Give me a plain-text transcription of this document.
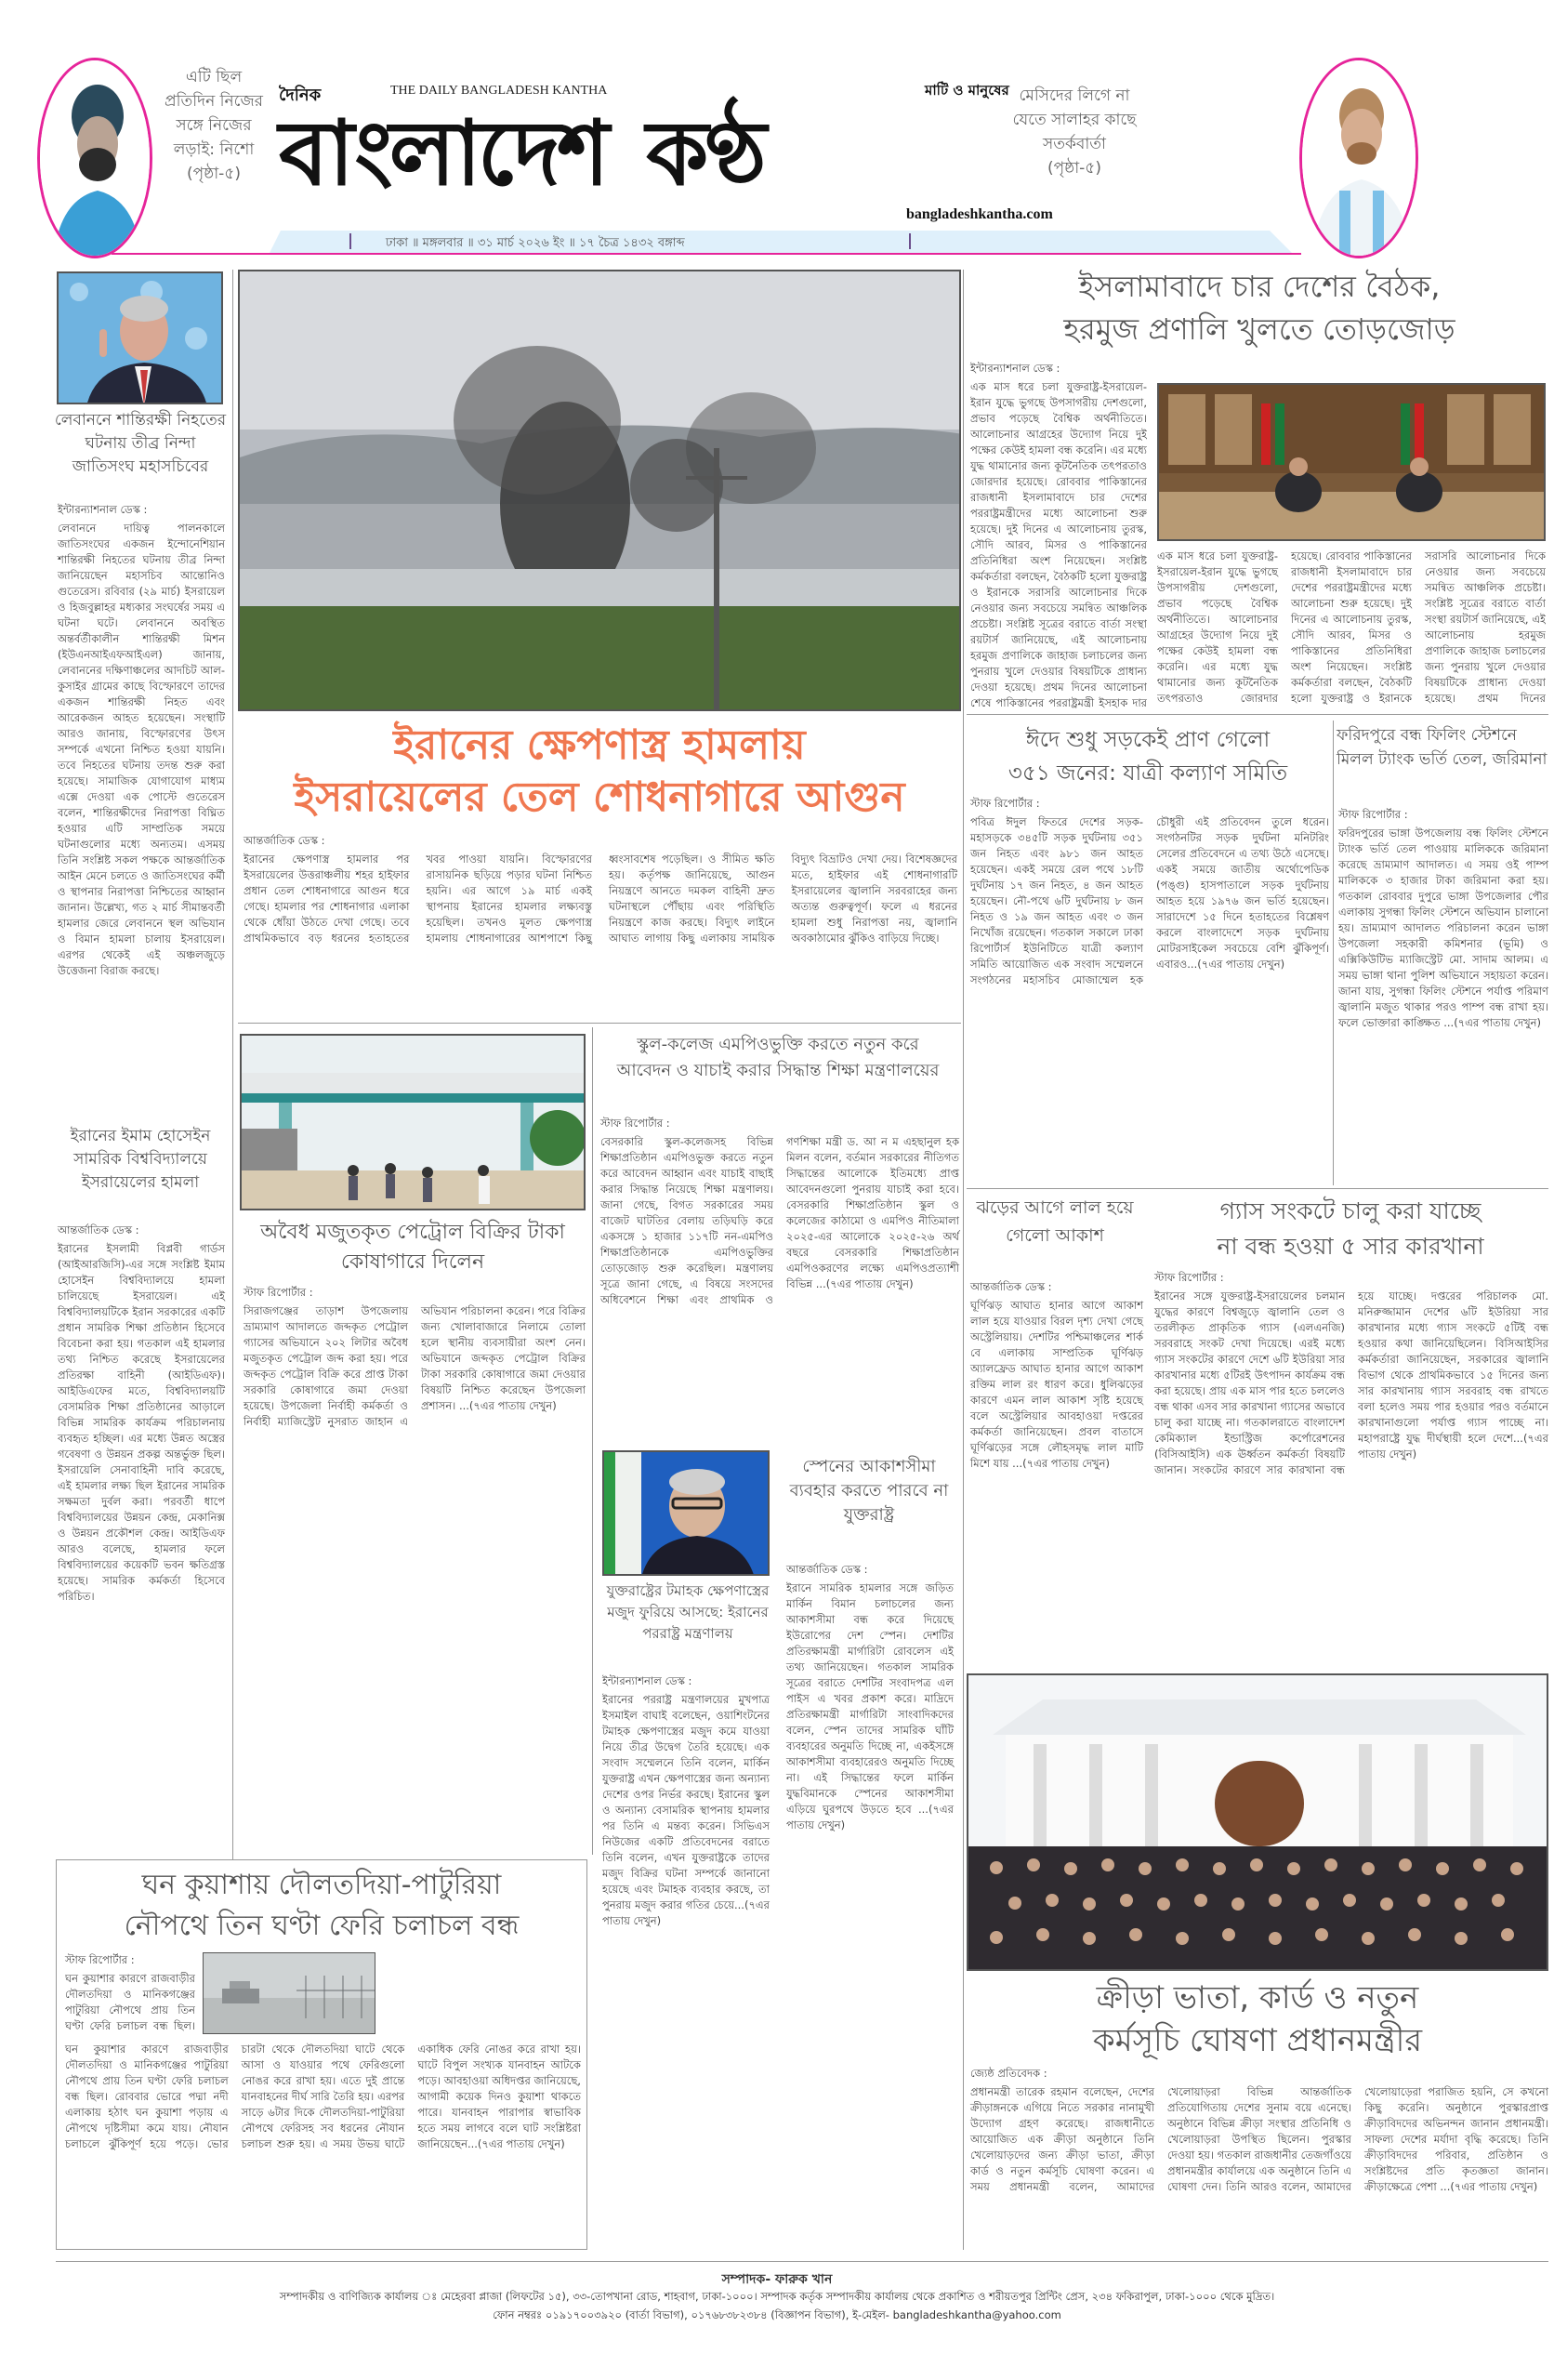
এটি ছিল প্রতিদিন নিজের সঙ্গে নিজের লড়াই: নিশো
(পৃষ্ঠা-৫)
দৈনিক	THE DAILY BANGLADESH KANTHA	মাটি ও মানুষের
বাংলাদেশ কণ্ঠ
bangladeshkantha.com
ঢাকা ॥ মঙ্গলবার ॥ ৩১ মার্চ ২০২৬ ইং ॥ ১৭ চৈত্র ১৪৩২ বঙ্গাব্দ
মেসিদের লিগে না যেতে সালাহর কাছে সতর্কবার্তা
(পৃষ্ঠা-৫)
লেবাননে শান্তিরক্ষী নিহতের ঘটনায় তীব্র নিন্দা জাতিসংঘ মহাসচিবের
ইন্টারন্যাশনাল ডেস্ক :
লেবাননে দায়িত্ব পালনকালে জাতিসংঘের একজন ইন্দোনেশিয়ান শান্তিরক্ষী নিহতের ঘটনায় তীব্র নিন্দা জানিয়েছেন মহাসচিব আন্তোনিও গুতেরেস। রবিবার (২৯ মার্চ) ইসরায়েল ও হিজবুল্লাহর মধ্যকার সংঘর্ষের সময় এ ঘটনা ঘটে। লেবাননে অবস্থিত অন্তর্বর্তীকালীন শান্তিরক্ষী মিশন (ইউএনআইএফআইএল) জানায়, লেবাননের দক্ষিণাঞ্চলের আদচিট আল-কুসাইর গ্রামের কাছে বিস্ফোরণে তাদের একজন শান্তিরক্ষী নিহত এবং আরেকজন আহত হয়েছেন। সংস্থাটি আরও জানায়, বিস্ফোরণের উৎস সম্পর্কে এখনো নিশ্চিত হওয়া যায়নি। তবে নিহতের ঘটনায় তদন্ত শুরু করা হয়েছে। সামাজিক যোগাযোগ মাধ্যম এক্সে দেওয়া এক পোস্টে গুতেরেস বলেন, শান্তিরক্ষীদের নিরাপত্তা বিঘ্নিত হওয়ার এটি সাম্প্রতিক সময়ে ঘটনাগুলোর মধ্যে অন্যতম। এসময় তিনি সংশ্লিষ্ট সকল পক্ষকে আন্তর্জাতিক আইন মেনে চলতে ও জাতিসংঘের কর্মী ও স্থাপনার নিরাপত্তা নিশ্চিতের আহ্বান জানান। উল্লেখ্য, গত ২ মার্চ সীমান্তবর্তী হামলার জেরে লেবাননে স্থল অভিযান ও বিমান হামলা চালায় ইসরায়েল। এরপর থেকেই এই অঞ্চলজুড়ে উত্তেজনা বিরাজ করছে।
ইরানের ইমাম হোসেইন সামরিক বিশ্ববিদ্যালয়ে ইসরায়েলের হামলা
আন্তর্জাতিক ডেস্ক :
ইরানের ইসলামী বিপ্লবী গার্ডস (আইআরজিসি)-এর সঙ্গে সংশ্লিষ্ট ইমাম হোসেইন বিশ্ববিদ্যালয়ে হামলা চালিয়েছে ইসরায়েল। এই বিশ্ববিদ্যালয়টিকে ইরান সরকারের একটি প্রধান সামরিক শিক্ষা প্রতিষ্ঠান হিসেবে বিবেচনা করা হয়। গতকাল এই হামলার তথ্য নিশ্চিত করেছে ইসরায়েলের প্রতিরক্ষা বাহিনী (আইডিএফ)। আইডিএফের মতে, বিশ্ববিদ্যালয়টি বেসামরিক শিক্ষা প্রতিষ্ঠানের আড়ালে বিভিন্ন সামরিক কার্যক্রম পরিচালনায় ব্যবহৃত হচ্ছিল। এর মধ্যে উন্নত অস্ত্রের গবেষণা ও উন্নয়ন প্রকল্প অন্তর্ভুক্ত ছিল। ইসরায়েলি সেনাবাহিনী দাবি করেছে, এই হামলার লক্ষ্য ছিল ইরানের সামরিক সক্ষমতা দুর্বল করা। পরবর্তী ধাপে বিশ্ববিদ্যালয়ের উন্নয়ন কেন্দ্র, মেকানিক্স ও উন্নয়ন প্রকৌশল কেন্দ্র। আইডিএফ আরও বলেছে, হামলার ফলে বিশ্ববিদ্যালয়ের কয়েকটি ভবন ক্ষতিগ্রস্ত হয়েছে। সামরিক কর্মকর্তা হিসেবে পরিচিত।
ইরানের ক্ষেপণাস্ত্র হামলায়
ইসরায়েলের তেল শোধনাগারে আগুন
আন্তর্জাতিক ডেস্ক :
ইরানের ক্ষেপণাস্ত্র হামলার পর ইসরায়েলের উত্তরাঞ্চলীয় শহর হাইফার প্রধান তেল শোধনাগারে আগুন ধরে গেছে। হামলার পর শোধনাগার এলাকা থেকে ধোঁয়া উঠতে দেখা গেছে। তবে প্রাথমিকভাবে বড় ধরনের হতাহতের খবর পাওয়া যায়নি। বিস্ফোরণের রাসায়নিক ছড়িয়ে পড়ার ঘটনা নিশ্চিত হয়নি। এর আগে ১৯ মার্চ একই স্থাপনায় ইরানের হামলার লক্ষ্যবস্তু হয়েছিল। তখনও মূলত ক্ষেপণাস্ত্র হামলায় শোধনাগারের আশপাশে কিছু ধ্বংসাবশেষ পড়েছিল। ও সীমিত ক্ষতি হয়। কর্তৃপক্ষ জানিয়েছে, আগুন নিয়ন্ত্রণে আনতে দমকল বাহিনী দ্রুত ঘটনাস্থলে পৌঁছায় এবং পরিস্থিতি নিয়ন্ত্রণে কাজ করছে। বিদ্যুৎ লাইনে আঘাত লাগায় কিছু এলাকায় সাময়িক বিদ্যুৎ বিভ্রাটও দেখা দেয়। বিশেষজ্ঞদের মতে, হাইফার এই শোধনাগারটি ইসরায়েলের জ্বালানি সরবরাহের জন্য অত্যন্ত গুরুত্বপূর্ণ। ফলে এ ধরনের হামলা শুধু নিরাপত্তা নয়, জ্বালানি অবকাঠামোর ঝুঁকিও বাড়িয়ে দিচ্ছে।
অবৈধ মজুতকৃত পেট্রোল বিক্রির টাকা কোষাগারে দিলেন
স্টাফ রিপোর্টার :
সিরাজগঞ্জের তাড়াশ উপজেলায় ভ্রাম্যমাণ আদালতে জব্দকৃত পেট্রোল গ্যাসের অভিযানে ২০২ লিটার অবৈধ মজুতকৃত পেট্রোল জব্দ করা হয়। পরে জব্দকৃত পেট্রোল বিক্রি করে প্রাপ্ত টাকা সরকারি কোষাগারে জমা দেওয়া হয়েছে। উপজেলা নির্বাহী কর্মকর্তা ও নির্বাহী ম্যাজিস্ট্রেট নুসরাত জাহান এ অভিযান পরিচালনা করেন। পরে বিক্রির জন্য খোলাবাজারে নিলামে তোলা হলে স্থানীয় ব্যবসায়ীরা অংশ নেন। অভিযানে জব্দকৃত পেট্রোল বিক্রির টাকা সরকারি কোষাগারে জমা দেওয়ার বিষয়টি নিশ্চিত করেছেন উপজেলা প্রশাসন। ...(৭এর পাতায় দেখুন)
স্কুল-কলেজ এমপিওভুক্তি করতে নতুন করে
আবেদন ও যাচাই করার সিদ্ধান্ত শিক্ষা মন্ত্রণালয়ের
স্টাফ রিপোর্টার :
বেসরকারি স্কুল-কলেজসহ বিভিন্ন শিক্ষাপ্রতিষ্ঠান এমপিওভুক্ত করতে নতুন করে আবেদন আহ্বান এবং যাচাই বাছাই করার সিদ্ধান্ত নিয়েছে শিক্ষা মন্ত্রণালয়। জানা গেছে, বিগত সরকারের সময় বাজেট ঘাটতির বেলায় তড়িঘড়ি করে একসঙ্গে ১ হাজার ১১৭টি নন-এমপিও শিক্ষাপ্রতিষ্ঠানকে এমপিওভুক্তির তোড়জোড় শুরু করেছিল। মন্ত্রণালয় সূত্রে জানা গেছে, এ বিষয়ে সংসদের অধিবেশনে শিক্ষা এবং প্রাথমিক ও গণশিক্ষা মন্ত্রী ড. আ ন ম এহছানুল হক মিলন বলেন, বর্তমান সরকারের নীতিগত সিদ্ধান্তের আলোকে ইতিমধ্যে প্রাপ্ত আবেদনগুলো পুনরায় যাচাই করা হবে। বেসরকারি শিক্ষাপ্রতিষ্ঠান স্কুল ও কলেজের কাঠামো ও এমপিও নীতিমালা ২০২৫-এর আলোকে ২০২৫-২৬ অর্থ বছরে বেসরকারি শিক্ষাপ্রতিষ্ঠান এমপিওকরণের লক্ষ্যে এমপিওপ্রত্যাশী বিভিন্ন ...(৭এর পাতায় দেখুন)
যুক্তরাষ্ট্রের টমাহক ক্ষেপণাস্ত্রের মজুদ ফুরিয়ে আসছে: ইরানের পররাষ্ট্র মন্ত্রণালয়
ইন্টারন্যাশনাল ডেস্ক :
ইরানের পররাষ্ট্র মন্ত্রণালয়ের মুখপাত্র ইসমাইল বাঘাই বলেছেন, ওয়াশিংটনের টমাহক ক্ষেপণাস্ত্রের মজুদ কমে যাওয়া নিয়ে তীব্র উদ্বেগ তৈরি হয়েছে। এক সংবাদ সম্মেলনে তিনি বলেন, মার্কিন যুক্তরাষ্ট্র এখন ক্ষেপণাস্ত্রের জন্য অন্যান্য দেশের ওপর নির্ভর করছে। ইরানের স্কুল ও অন্যান্য বেসামরিক স্থাপনায় হামলার পর তিনি এ মন্তব্য করেন। সিভিএস নিউজের একটি প্রতিবেদনের বরাতে তিনি বলেন, এখন যুক্তরাষ্ট্রকে তাদের মজুদ বিক্রির ঘটনা সম্পর্কে জানানো হয়েছে এবং টমাহক ব্যবহার করছে, তা পুনরায় মজুদ করার গতির চেয়ে...(৭এর পাতায় দেখুন)
স্পেনের আকাশসীমা ব্যবহার করতে পারবে না যুক্তরাষ্ট্র
আন্তর্জাতিক ডেস্ক :
ইরানে সামরিক হামলার সঙ্গে জড়িত মার্কিন বিমান চলাচলের জন্য আকাশসীমা বন্ধ করে দিয়েছে ইউরোপের দেশ স্পেন। দেশটির প্রতিরক্ষামন্ত্রী মার্গারিটা রোবলেস এই তথ্য জানিয়েছেন। গতকাল সামরিক সূত্রের বরাতে দেশটির সংবাদপত্র এল পাইস এ খবর প্রকাশ করে। মাদ্রিদে প্রতিরক্ষামন্ত্রী মার্গারিটা সাংবাদিকদের বলেন, স্পেন তাদের সামরিক ঘাঁটি ব্যবহারের অনুমতি দিচ্ছে না, একইসঙ্গে আকাশসীমা ব্যবহারেরও অনুমতি দিচ্ছে না। এই সিদ্ধান্তের ফলে মার্কিন যুদ্ধবিমানকে স্পেনের আকাশসীমা এড়িয়ে ঘুরপথে উড়তে হবে ...(৭এর পাতায় দেখুন)
ইসলামাবাদে চার দেশের বৈঠক,
হরমুজ প্রণালি খুলতে তোড়জোড়
ইন্টারন্যাশনাল ডেস্ক :
এক মাস ধরে চলা যুক্তরাষ্ট্র-ইসরায়েল-ইরান যুদ্ধে ভুগছে উপসাগরীয় দেশগুলো, প্রভাব পড়েছে বৈশ্বিক অর্থনীতিতে। আলোচনার আগ্রহের উদ্যোগ নিয়ে দুই পক্ষের কেউই হামলা বন্ধ করেনি। এর মধ্যে যুদ্ধ থামানোর জন্য কূটনৈতিক তৎপরতাও জোরদার হয়েছে। রোববার পাকিস্তানের রাজধানী ইসলামাবাদে চার দেশের পররাষ্ট্রমন্ত্রীদের মধ্যে আলোচনা শুরু হয়েছে। দুই দিনের এ আলোচনায় তুরস্ক, সৌদি আরব, মিসর ও পাকিস্তানের প্রতিনিধিরা অংশ নিয়েছেন। সংশ্লিষ্ট কর্মকর্তারা বলছেন, বৈঠকটি হলো যুক্তরাষ্ট্র ও ইরানকে সরাসরি আলোচনার দিকে নেওয়ার জন্য সবচেয়ে সমন্বিত আঞ্চলিক প্রচেষ্টা। সংশ্লিষ্ট সূত্রের বরাতে বার্তা সংস্থা রয়টার্স জানিয়েছে, এই আলোচনায় হরমুজ প্রণালিকে জাহাজ চলাচলের জন্য পুনরায় খুলে দেওয়ার বিষয়টিকে প্রাধান্য দেওয়া হয়েছে। প্রথম দিনের আলোচনা শেষে পাকিস্তানের পররাষ্ট্রমন্ত্রী ইসহাক দার
এক মাস ধরে চলা যুক্তরাষ্ট্র-ইসরায়েল-ইরান যুদ্ধে ভুগছে উপসাগরীয় দেশগুলো, প্রভাব পড়েছে বৈশ্বিক অর্থনীতিতে। আলোচনার আগ্রহের উদ্যোগ নিয়ে দুই পক্ষের কেউই হামলা বন্ধ করেনি। এর মধ্যে যুদ্ধ থামানোর জন্য কূটনৈতিক তৎপরতাও জোরদার হয়েছে। রোববার পাকিস্তানের রাজধানী ইসলামাবাদে চার দেশের পররাষ্ট্রমন্ত্রীদের মধ্যে আলোচনা শুরু হয়েছে। দুই দিনের এ আলোচনায় তুরস্ক, সৌদি আরব, মিসর ও পাকিস্তানের প্রতিনিধিরা অংশ নিয়েছেন। সংশ্লিষ্ট কর্মকর্তারা বলছেন, বৈঠকটি হলো যুক্তরাষ্ট্র ও ইরানকে সরাসরি আলোচনার দিকে নেওয়ার জন্য সবচেয়ে সমন্বিত আঞ্চলিক প্রচেষ্টা। সংশ্লিষ্ট সূত্রের বরাতে বার্তা সংস্থা রয়টার্স জানিয়েছে, এই আলোচনায় হরমুজ প্রণালিকে জাহাজ চলাচলের জন্য পুনরায় খুলে দেওয়ার বিষয়টিকে প্রাধান্য দেওয়া হয়েছে। প্রথম দিনের
ঈদে শুধু সড়কেই প্রাণ গেলো
৩৫১ জনের: যাত্রী কল্যাণ সমিতি
স্টাফ রিপোর্টার :
পবিত্র ঈদুল ফিতরে দেশের সড়ক-মহাসড়কে ৩৪৫টি সড়ক দুর্ঘটনায় ৩৫১ জন নিহত এবং ৯৮১ জন আহত হয়েছেন। একই সময়ে রেল পথে ১৮টি দুর্ঘটনায় ১৭ জন নিহত, ৪ জন আহত হয়েছেন। নৌ-পথে ৬টি দুর্ঘটনায় ৮ জন নিহত ও ১৯ জন আহত এবং ৩ জন নিখোঁজ রয়েছেন। গতকাল সকালে ঢাকা রিপোর্টার্স ইউনিটিতে যাত্রী কল্যাণ সমিতি আয়োজিত এক সংবাদ সম্মেলনে সংগঠনের মহাসচিব মোজাম্মেল হক চৌধুরী এই প্রতিবেদন তুলে ধরেন। সংগঠনটির সড়ক দুর্ঘটনা মনিটরিং সেলের প্রতিবেদনে এ তথ্য উঠে এসেছে। একই সময়ে জাতীয় অর্থোপেডিক (পঙ্গু) হাসপাতালে সড়ক দুর্ঘটনায় আহত হয়ে ১৯৭৬ জন ভর্তি হয়েছেন। সারাদেশে ১৫ দিনে হতাহতের বিশ্লেষণ করলে বাংলাদেশে সড়ক দুর্ঘটনায় মোটরসাইকেল সবচেয়ে বেশি ঝুঁকিপূর্ণ। এবারও...(৭এর পাতায় দেখুন)
ফরিদপুরে বন্ধ ফিলিং স্টেশনে মিলল ট্যাংক ভর্তি তেল, জরিমানা
স্টাফ রিপোর্টার :
ফরিদপুরের ভাঙ্গা উপজেলায় বন্ধ ফিলিং স্টেশনে ট্যাংক ভর্তি তেল পাওয়ায় মালিককে জরিমানা করেছে ভ্রাম্যমাণ আদালত। এ সময় ওই পাম্প মালিককে ৩ হাজার টাকা জরিমানা করা হয়। গতকাল রোববার দুপুরে ভাঙ্গা উপজেলার পৌর এলাকায় সুগন্ধা ফিলিং স্টেশনে অভিযান চালানো হয়। ভ্রাম্যমাণ আদালত পরিচালনা করেন ভাঙ্গা উপজেলা সহকারী কমিশনার (ভূমি) ও এক্সিকিউটিভ ম্যাজিস্ট্রেট মো. সাদাম আলম। এ সময় ভাঙ্গা থানা পুলিশ অভিযানে সহায়তা করেন। জানা যায়, সুগন্ধা ফিলিং স্টেশনে পর্যাপ্ত পরিমাণ জ্বালানি মজুত থাকার পরও পাম্প বন্ধ রাখা হয়। ফলে ভোক্তারা কাঙ্ক্ষিত ...(৭এর পাতায় দেখুন)
ঝড়ের আগে লাল হয়ে গেলো আকাশ
আন্তর্জাতিক ডেস্ক :
ঘূর্ণিঝড় আঘাত হানার আগে আকাশ লাল হয়ে যাওয়ার বিরল দৃশ্য দেখা গেছে অস্ট্রেলিয়ায়। দেশটির পশ্চিমাঞ্চলের শার্ক বে এলাকায় সাম্প্রতিক ঘূর্ণিঝড় অ্যালফ্রেড আঘাত হানার আগে আকাশ রক্তিম লাল রং ধারণ করে। ধুলিঝড়ের কারণে এমন লাল আকাশ সৃষ্টি হয়েছে বলে অস্ট্রেলিয়ার আবহাওয়া দপ্তরের কর্মকর্তা জানিয়েছেন। প্রবল বাতাসে ঘূর্ণিঝড়ের সঙ্গে লৌহসমৃদ্ধ লাল মাটি মিশে যায় ...(৭এর পাতায় দেখুন)
গ্যাস সংকটে চালু করা যাচ্ছে
না বন্ধ হওয়া ৫ সার কারখানা
স্টাফ রিপোর্টার :
ইরানের সঙ্গে যুক্তরাষ্ট্র-ইসরায়েলের চলমান যুদ্ধের কারণে বিশ্বজুড়ে জ্বালানি তেল ও তরলীকৃত প্রাকৃতিক গ্যাস (এলএনজি) সরবরাহে সংকট দেখা দিয়েছে। এরই মধ্যে গ্যাস সংকটের কারণে দেশে ৬টি ইউরিয়া সার কারখানার মধ্যে ৫টিরই উৎপাদন কার্যক্রম বন্ধ করা হয়েছে। প্রায় এক মাস পার হতে চললেও বন্ধ থাকা এসব সার কারখানা গ্যাসের অভাবে চালু করা যাচ্ছে না। গতকালরাতে বাংলাদেশ কেমিক্যাল ইন্ডাস্ট্রিজ কর্পোরেশনের (বিসিআইসি) এক ঊর্ধ্বতন কর্মকর্তা বিষয়টি জানান। সংকটের কারণে সার কারখানা বন্ধ হয়ে যাচ্ছে। দপ্তরের পরিচালক মো. মনিরুজ্জামান দেশের ৬টি ইউরিয়া সার কারখানার মধ্যে গ্যাস সংকটে ৫টিই বন্ধ হওয়ার কথা জানিয়েছিলেন। বিসিআইসির কর্মকর্তারা জানিয়েছেন, সরকারের জ্বালানি বিভাগ থেকে প্রাথমিকভাবে ১৫ দিনের জন্য সার কারখানায় গ্যাস সরবরাহ বন্ধ রাখতে বলা হলেও সময় পার হওয়ার পরও বর্তমানে কারখানাগুলো পর্যাপ্ত গ্যাস পাচ্ছে না। মহাপরাষ্ট্রে যুদ্ধ দীর্ঘস্থায়ী হলে দেশে...(৭এর পাতায় দেখুন)
ক্রীড়া ভাতা, কার্ড ও নতুন
কর্মসূচি ঘোষণা প্রধানমন্ত্রীর
জ্যেষ্ঠ প্রতিবেদক :
প্রধানমন্ত্রী তারেক রহমান বলেছেন, দেশের ক্রীড়াঙ্গনকে এগিয়ে নিতে সরকার নানামুখী উদ্যোগ গ্রহণ করেছে। রাজধানীতে আয়োজিত এক ক্রীড়া অনুষ্ঠানে তিনি খেলোয়াড়দের জন্য ক্রীড়া ভাতা, ক্রীড়া কার্ড ও নতুন কর্মসূচি ঘোষণা করেন। এ সময় প্রধানমন্ত্রী বলেন, আমাদের খেলোয়াড়রা বিভিন্ন আন্তর্জাতিক প্রতিযোগিতায় দেশের সুনাম বয়ে এনেছে। অনুষ্ঠানে বিভিন্ন ক্রীড়া সংস্থার প্রতিনিধি ও খেলোয়াড়রা উপস্থিত ছিলেন। পুরস্কার দেওয়া হয়। গতকাল রাজধানীর তেজগাঁওয়ে প্রধানমন্ত্রীর কার্যালয়ে এক অনুষ্ঠানে তিনি এ ঘোষণা দেন। তিনি আরও বলেন, আমাদের খেলোয়াড়েরা পরাজিত হয়নি, সে কখনো কিছু করেনি। অনুষ্ঠানে পুরস্কারপ্রাপ্ত ক্রীড়াবিদদের অভিনন্দন জানান প্রধানমন্ত্রী। সাফল্য দেশের মর্যাদা বৃদ্ধি করেছে। তিনি ক্রীড়াবিদদের পরিবার, প্রতিষ্ঠান ও সংশ্লিষ্টদের প্রতি কৃতজ্ঞতা জানান। ক্রীড়াক্ষেত্রে পেশা ...(৭এর পাতায় দেখুন)
ঘন কুয়াশায় দৌলতদিয়া-পাটুরিয়া
নৌপথে তিন ঘণ্টা ফেরি চলাচল বন্ধ
স্টাফ রিপোর্টার :
ঘন কুয়াশার কারণে রাজবাড়ীর দৌলতদিয়া ও মানিকগঞ্জের পাটুরিয়া নৌপথে প্রায় তিন ঘণ্টা ফেরি চলাচল বন্ধ ছিল।
ঘন কুয়াশার কারণে রাজবাড়ীর দৌলতদিয়া ও মানিকগঞ্জের পাটুরিয়া নৌপথে প্রায় তিন ঘণ্টা ফেরি চলাচল বন্ধ ছিল। রোববার ভোরে পদ্মা নদী এলাকায় হঠাৎ ঘন কুয়াশা পড়ায় এ নৌপথে দৃষ্টিসীমা কমে যায়। নৌযান চলাচলে ঝুঁকিপূর্ণ হয়ে পড়ে। ভোর চারটা থেকে দৌলতদিয়া ঘাটে থেকে আসা ও যাওয়ার পথে ফেরিগুলো নোঙর করে রাখা হয়। এতে দুই প্রান্তে যানবাহনের দীর্ঘ সারি তৈরি হয়। এরপর সাড়ে ৬টার দিকে দৌলতদিয়া-পাটুরিয়া নৌপথে ফেরিসহ সব ধরনের নৌযান চলাচল শুরু হয়। এ সময় উভয় ঘাটে একাধিক ফেরি নোঙর করে রাখা হয়। ঘাটে বিপুল সংখ্যক যানবাহন আটকে পড়ে। আবহাওয়া অধিদপ্তর জানিয়েছে, আগামী কয়েক দিনও কুয়াশা থাকতে পারে। যানবাহন পারাপার স্বাভাবিক হতে সময় লাগবে বলে ঘাট সংশ্লিষ্টরা জানিয়েছেন...(৭এর পাতায় দেখুন)
সম্পাদক- ফারুক খান
সম্পাদকীয় ও বাণিজ্যিক কার্যালয় ঃ মেহেরবা প্লাজা (লিফটের ১৫), ৩৩-তোপখানা রোড, শাহবাগ, ঢাকা-১০০০। সম্পাদক কর্তৃক সম্পাদকীয় কার্যালয় থেকে প্রকাশিত ও শরীয়তপুর প্রিন্টিং প্রেস, ২৩৪ ফকিরাপুল, ঢাকা-১০০০ থেকে মুদ্রিত।
ফোন নম্বরঃ ০১৯১৭০০৩৯২০ (বার্তা বিভাগ), ০১৭৬৮৩৮২৩৮৪ (বিজ্ঞাপন বিভাগ), ই-মেইল- bangladeshkantha@yahoo.com
